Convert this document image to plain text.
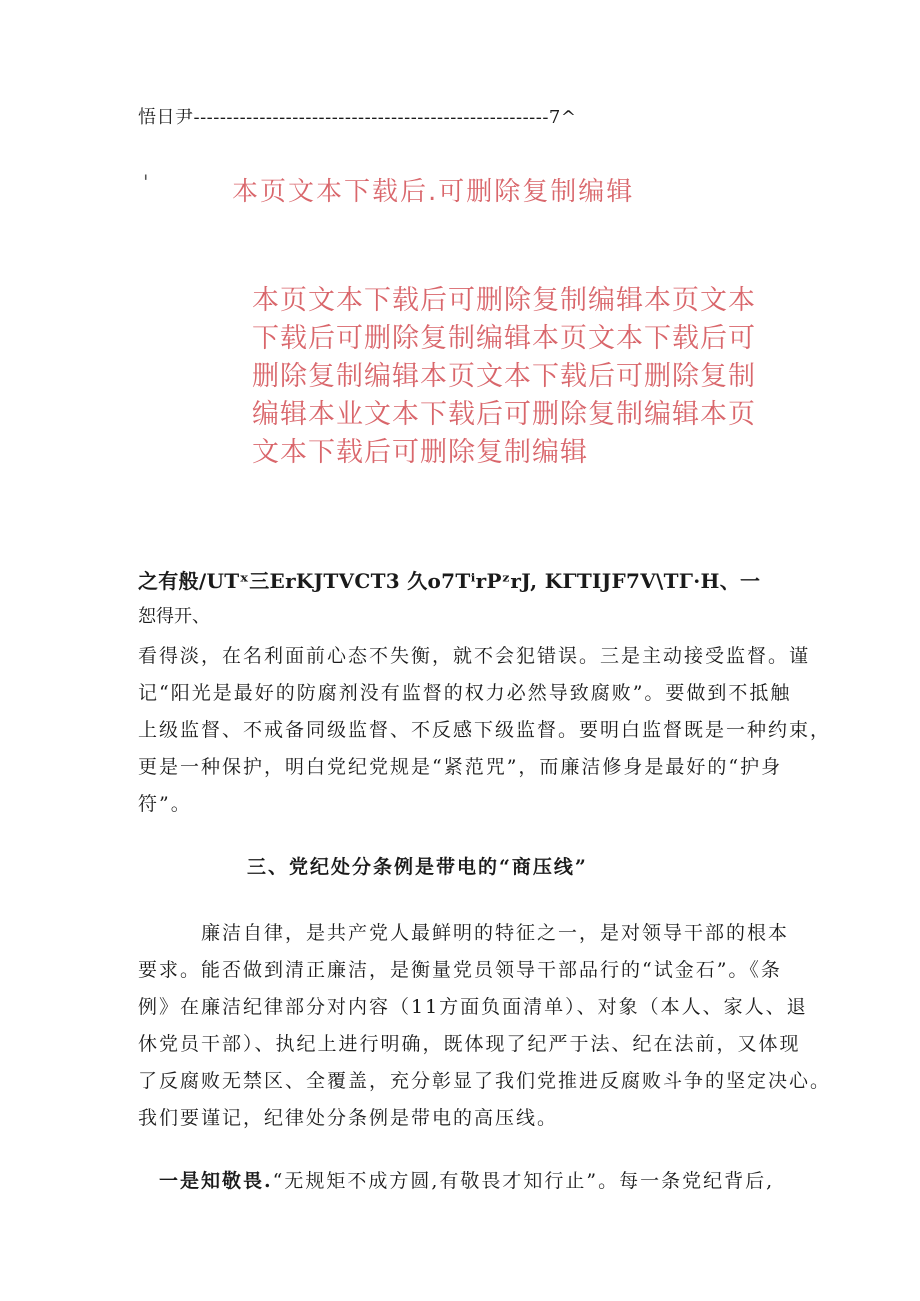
悟日尹------------------------------------------------------7^
'	本页文本下载后.可删除复制编辑
本页文本下载后可删除复制编辑本页文本
下载后可删除复制编辑本页文本下载后可
删除复制编辑本页文本下载后可删除复制
编辑本业文本下载后可删除复制编辑本页
文本下载后可删除复制编辑
之有般/UTˣ三ErKJTVCT3 久o7TⁱrPᶻrJ, KΓTIJF7V\TΓ·H、一
恕得开、
看得淡，在名利面前心态不失衡，就不会犯错误。三是主动接受监督。谨
记“阳光是最好的防腐剂没有监督的权力必然导致腐败”。要做到不抵触
上级监督、不戒备同级监督、不反感下级监督。要明白监督既是一种约束，
更是一种保护，明白党纪党规是“紧范咒”，而廉洁修身是最好的“护身
符”。
三、党纪处分条例是带电的“商压线”
　　　廉洁自律，是共产党人最鲜明的特征之一，是对领导干部的根本
要求。能否做到清正廉洁，是衡量党员领导干部品行的“试金石”。《条
例》在廉洁纪律部分对内容（11方面负面清单）、对象（本人、家人、退
休党员干部）、执纪上进行明确，既体现了纪严于法、纪在法前，又体现
了反腐败无禁区、全覆盖，充分彰显了我们党推进反腐败斗争的坚定决心。
我们要谨记，纪律处分条例是带电的高压线。
　一是知敬畏.“无规矩不成方圆,有敬畏才知行止”。每一条党纪背后,
